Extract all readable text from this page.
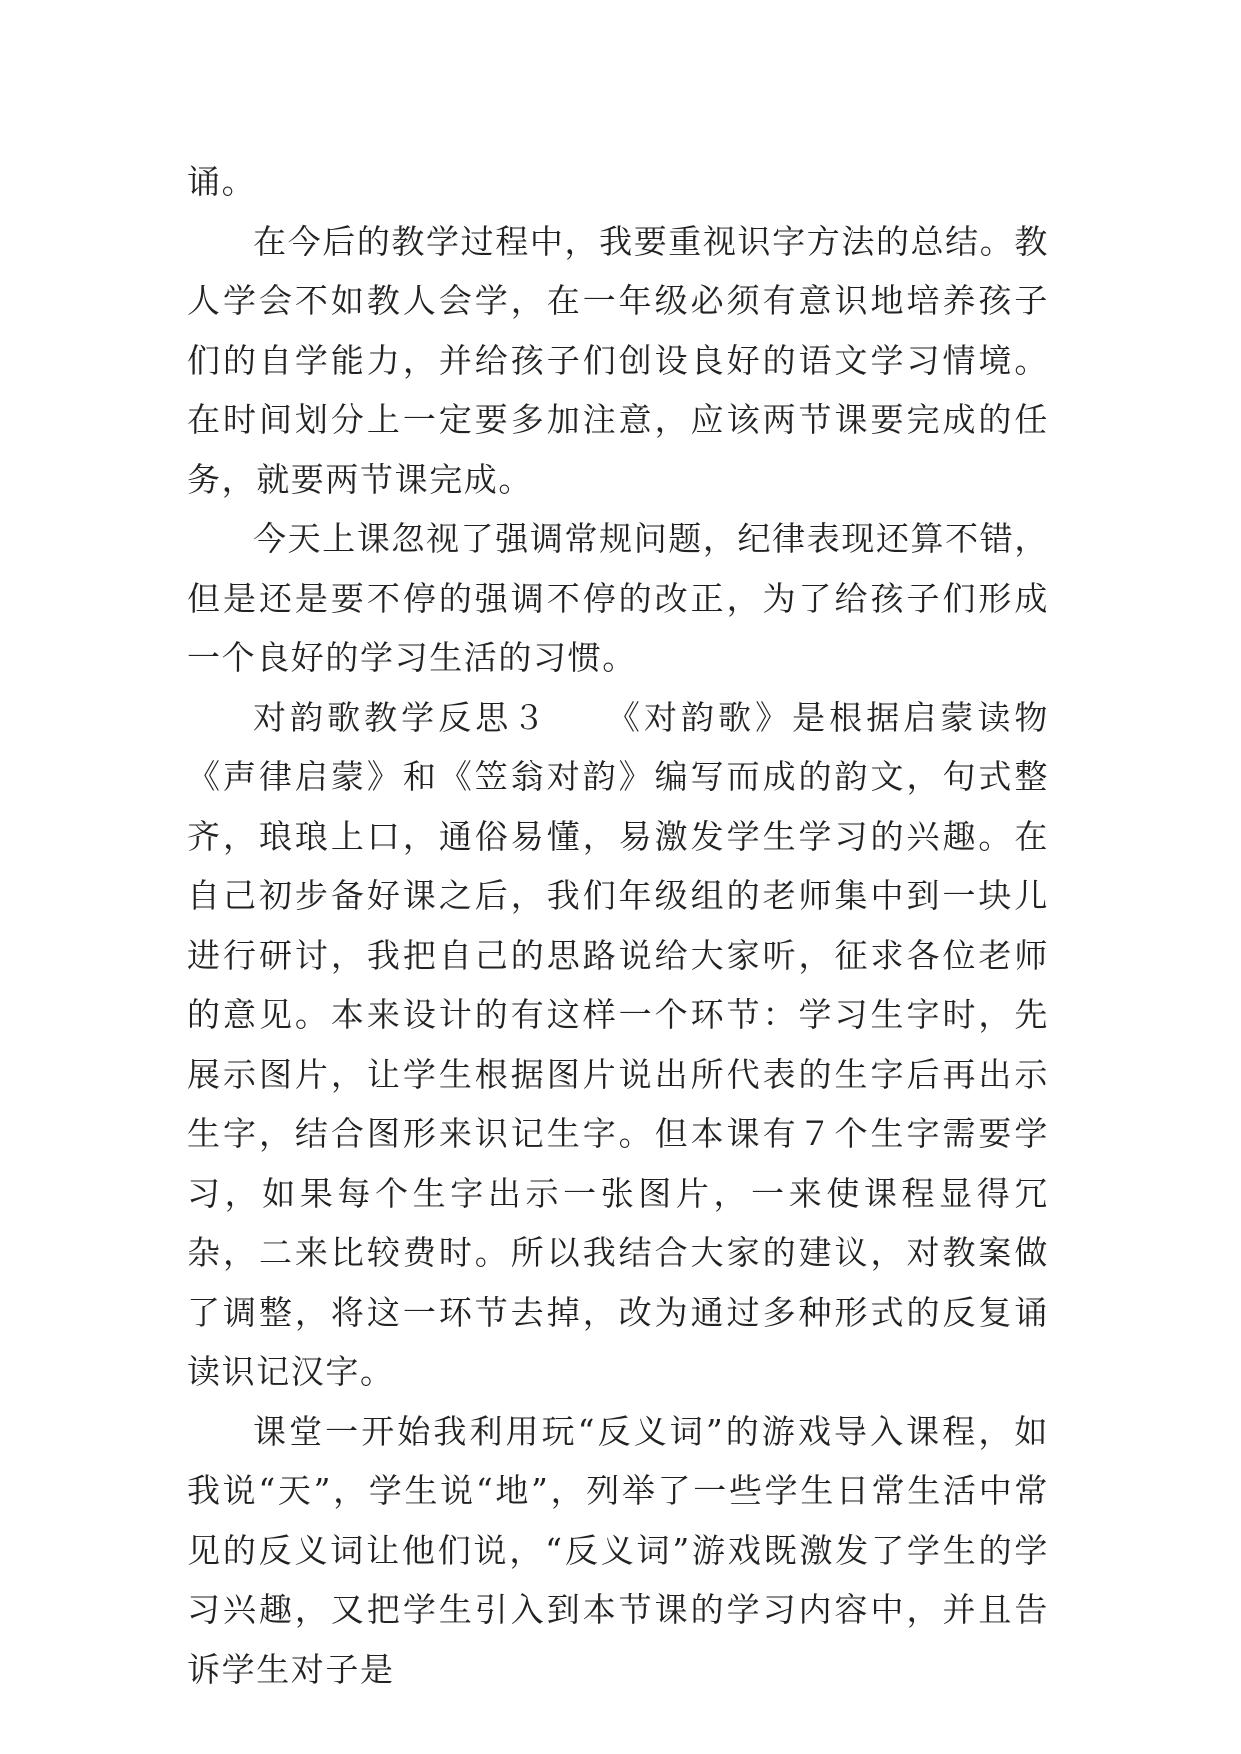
诵。

在今后的教学过程中，我要重视识字方法的总结。教人学会不如教人会学，在一年级必须有意识地培养孩子们的自学能力，并给孩子们创设良好的语文学习情境。在时间划分上一定要多加注意，应该两节课要完成的任务，就要两节课完成。

今天上课忽视了强调常规问题，纪律表现还算不错，但是还是要不停的强调不停的改正，为了给孩子们形成一个良好的学习生活的习惯。

对韵歌教学反思３　　《对韵歌》是根据启蒙读物《声律启蒙》和《笠翁对韵》编写而成的韵文，句式整齐，琅琅上口，通俗易懂，易激发学生学习的兴趣。在自己初步备好课之后，我们年级组的老师集中到一块儿进行研讨，我把自己的思路说给大家听，征求各位老师的意见。本来设计的有这样一个环节：学习生字时，先展示图片，让学生根据图片说出所代表的生字后再出示生字，结合图形来识记生字。但本课有７个生字需要学习，如果每个生字出示一张图片，一来使课程显得冗杂，二来比较费时。所以我结合大家的建议，对教案做了调整，将这一环节去掉，改为通过多种形式的反复诵读识记汉字。

课堂一开始我利用玩“反义词”的游戏导入课程，如我说“天”，学生说“地”，列举了一些学生日常生活中常见的反义词让他们说，“反义词”游戏既激发了学生的学习兴趣，又把学生引入到本节课的学习内容中，并且告诉学生对子是
